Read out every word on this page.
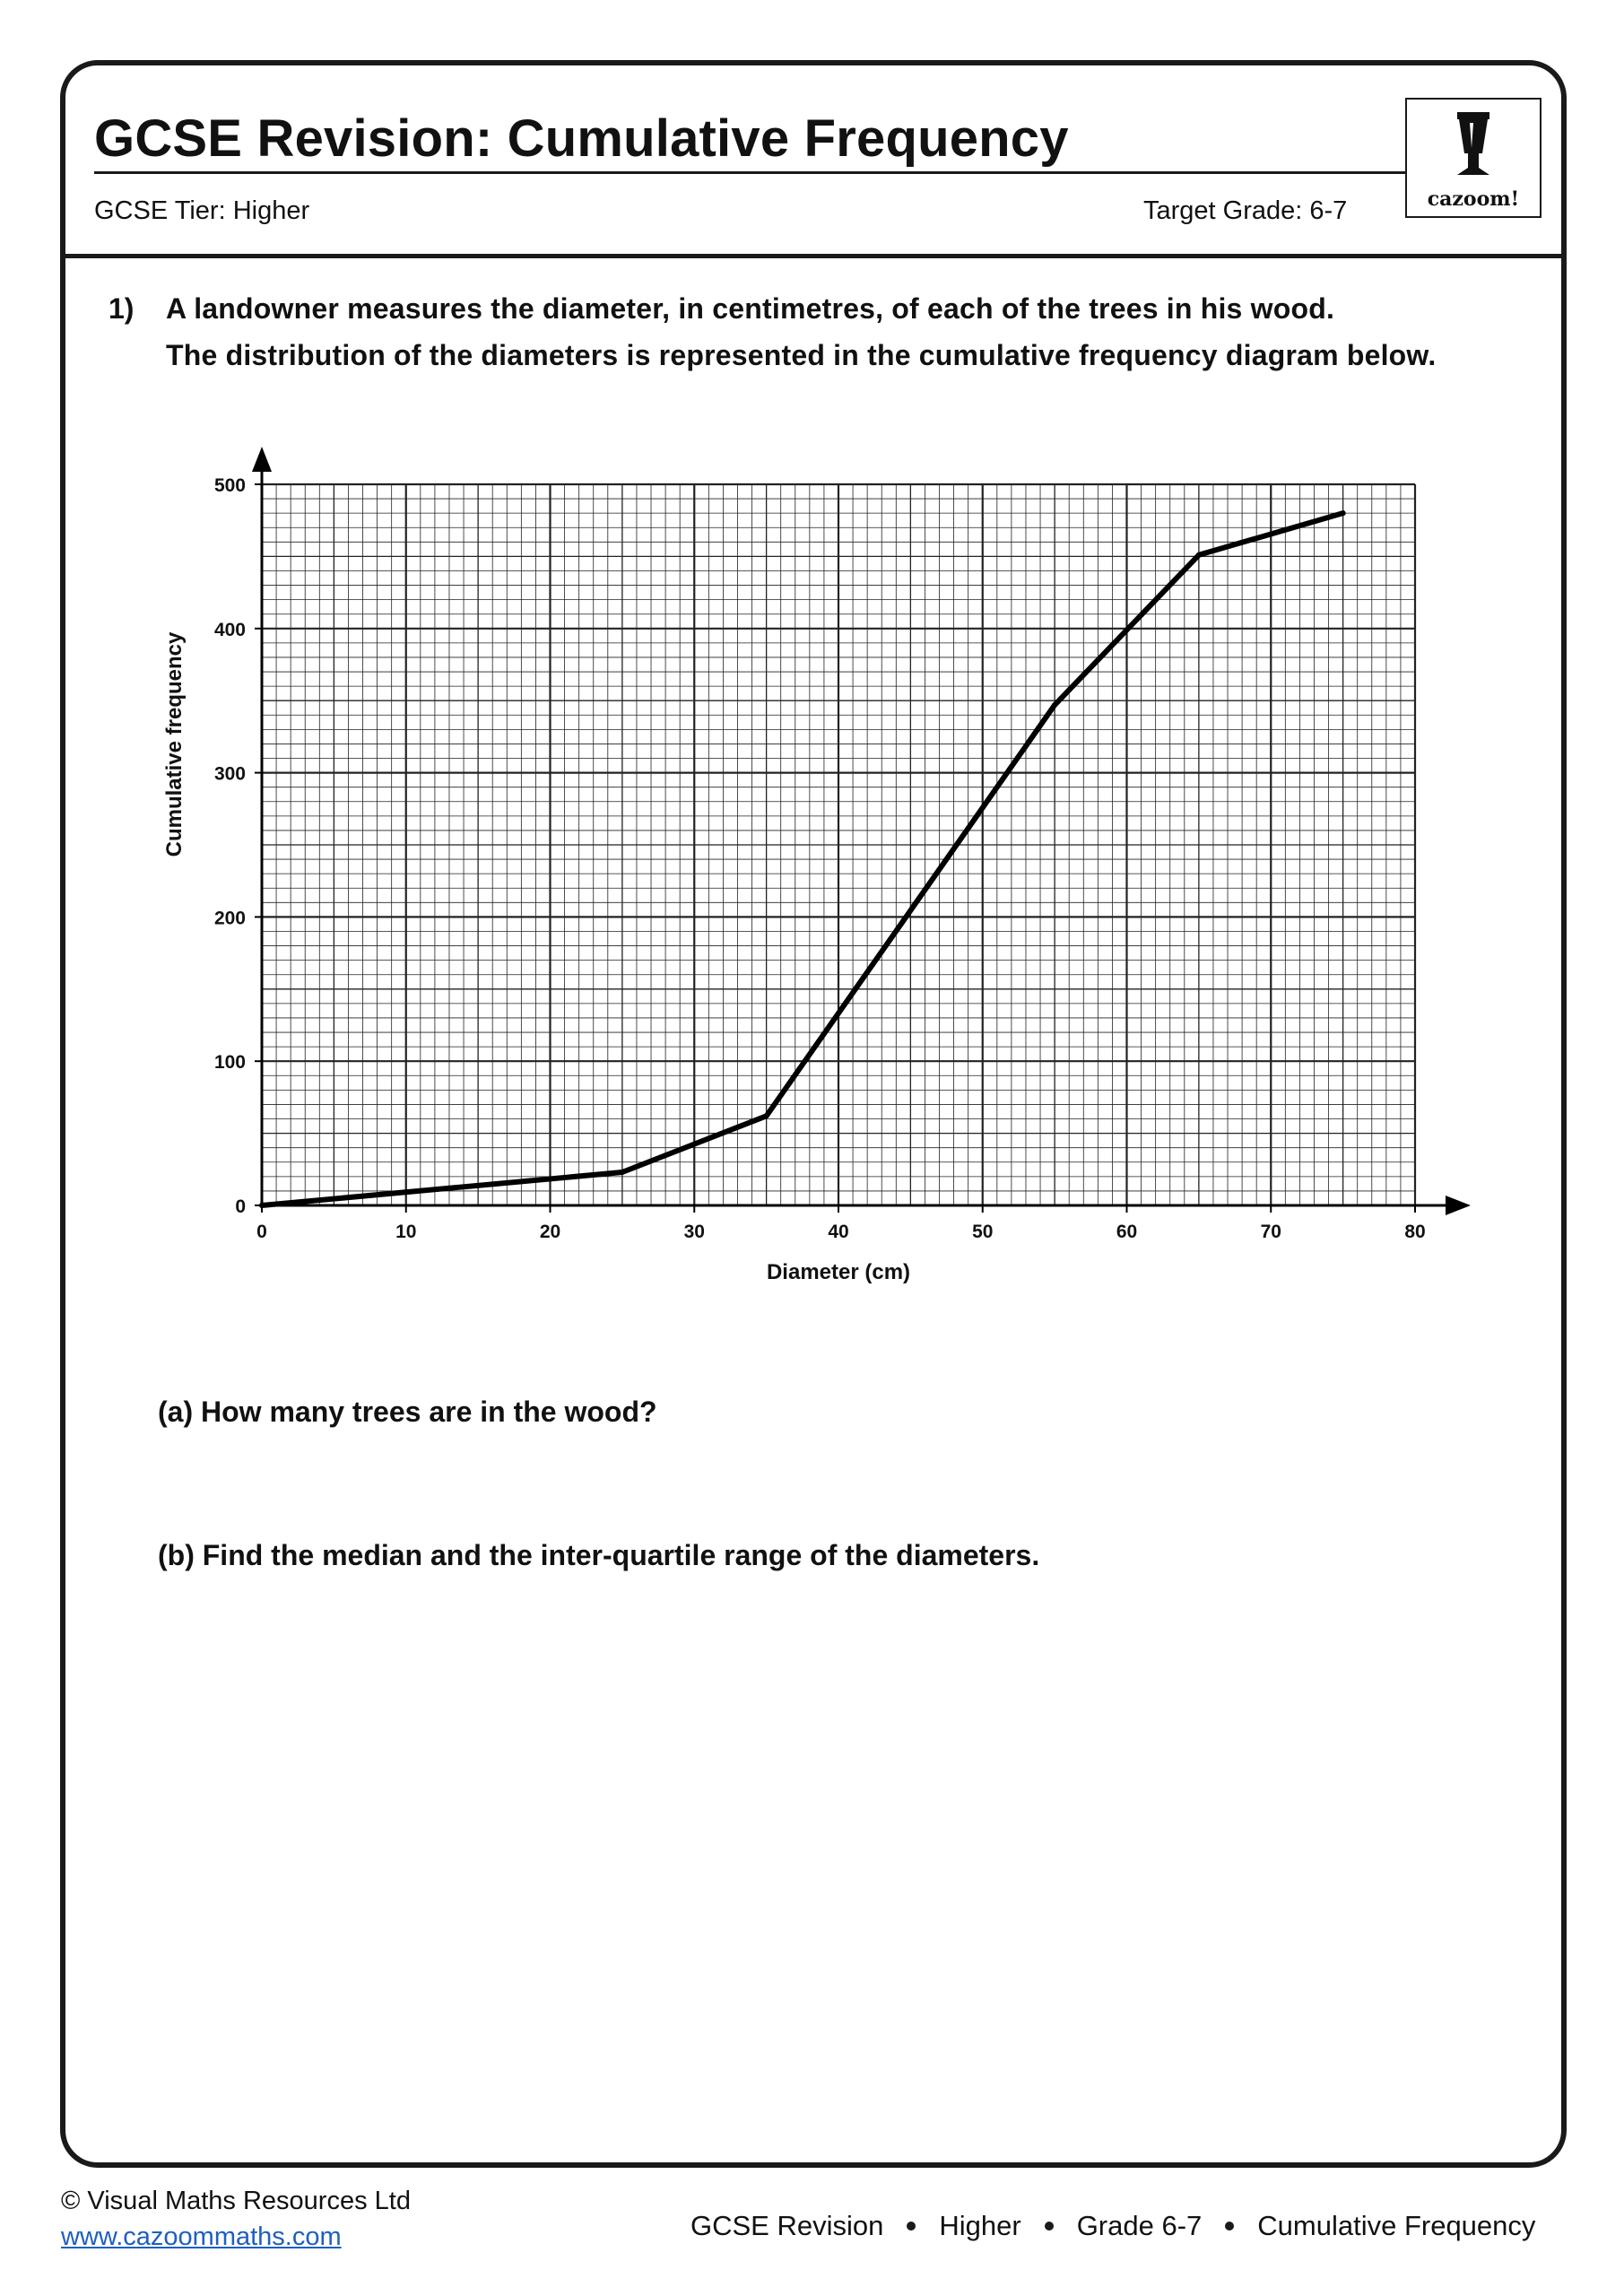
GCSE Revision: Cumulative Frequency
GCSE Tier: Higher	Target Grade: 6-7	cazoom!
1) A landowner measures the diameter, in centimetres, of each of the trees in his wood.
The distribution of the diameters is represented in the cumulative frequency diagram below.
0	10	20	30	40	50	60	70	80
0
100
200
300
400
500
Diameter (cm)
Cumulative frequency
(a) How many trees are in the wood?
(b) Find the median and the inter-quartile range of the diameters.
© Visual Maths Resources Ltd
www.cazoommaths.com	GCSE Revision Higher Grade 6-7 Cumulative Frequency
